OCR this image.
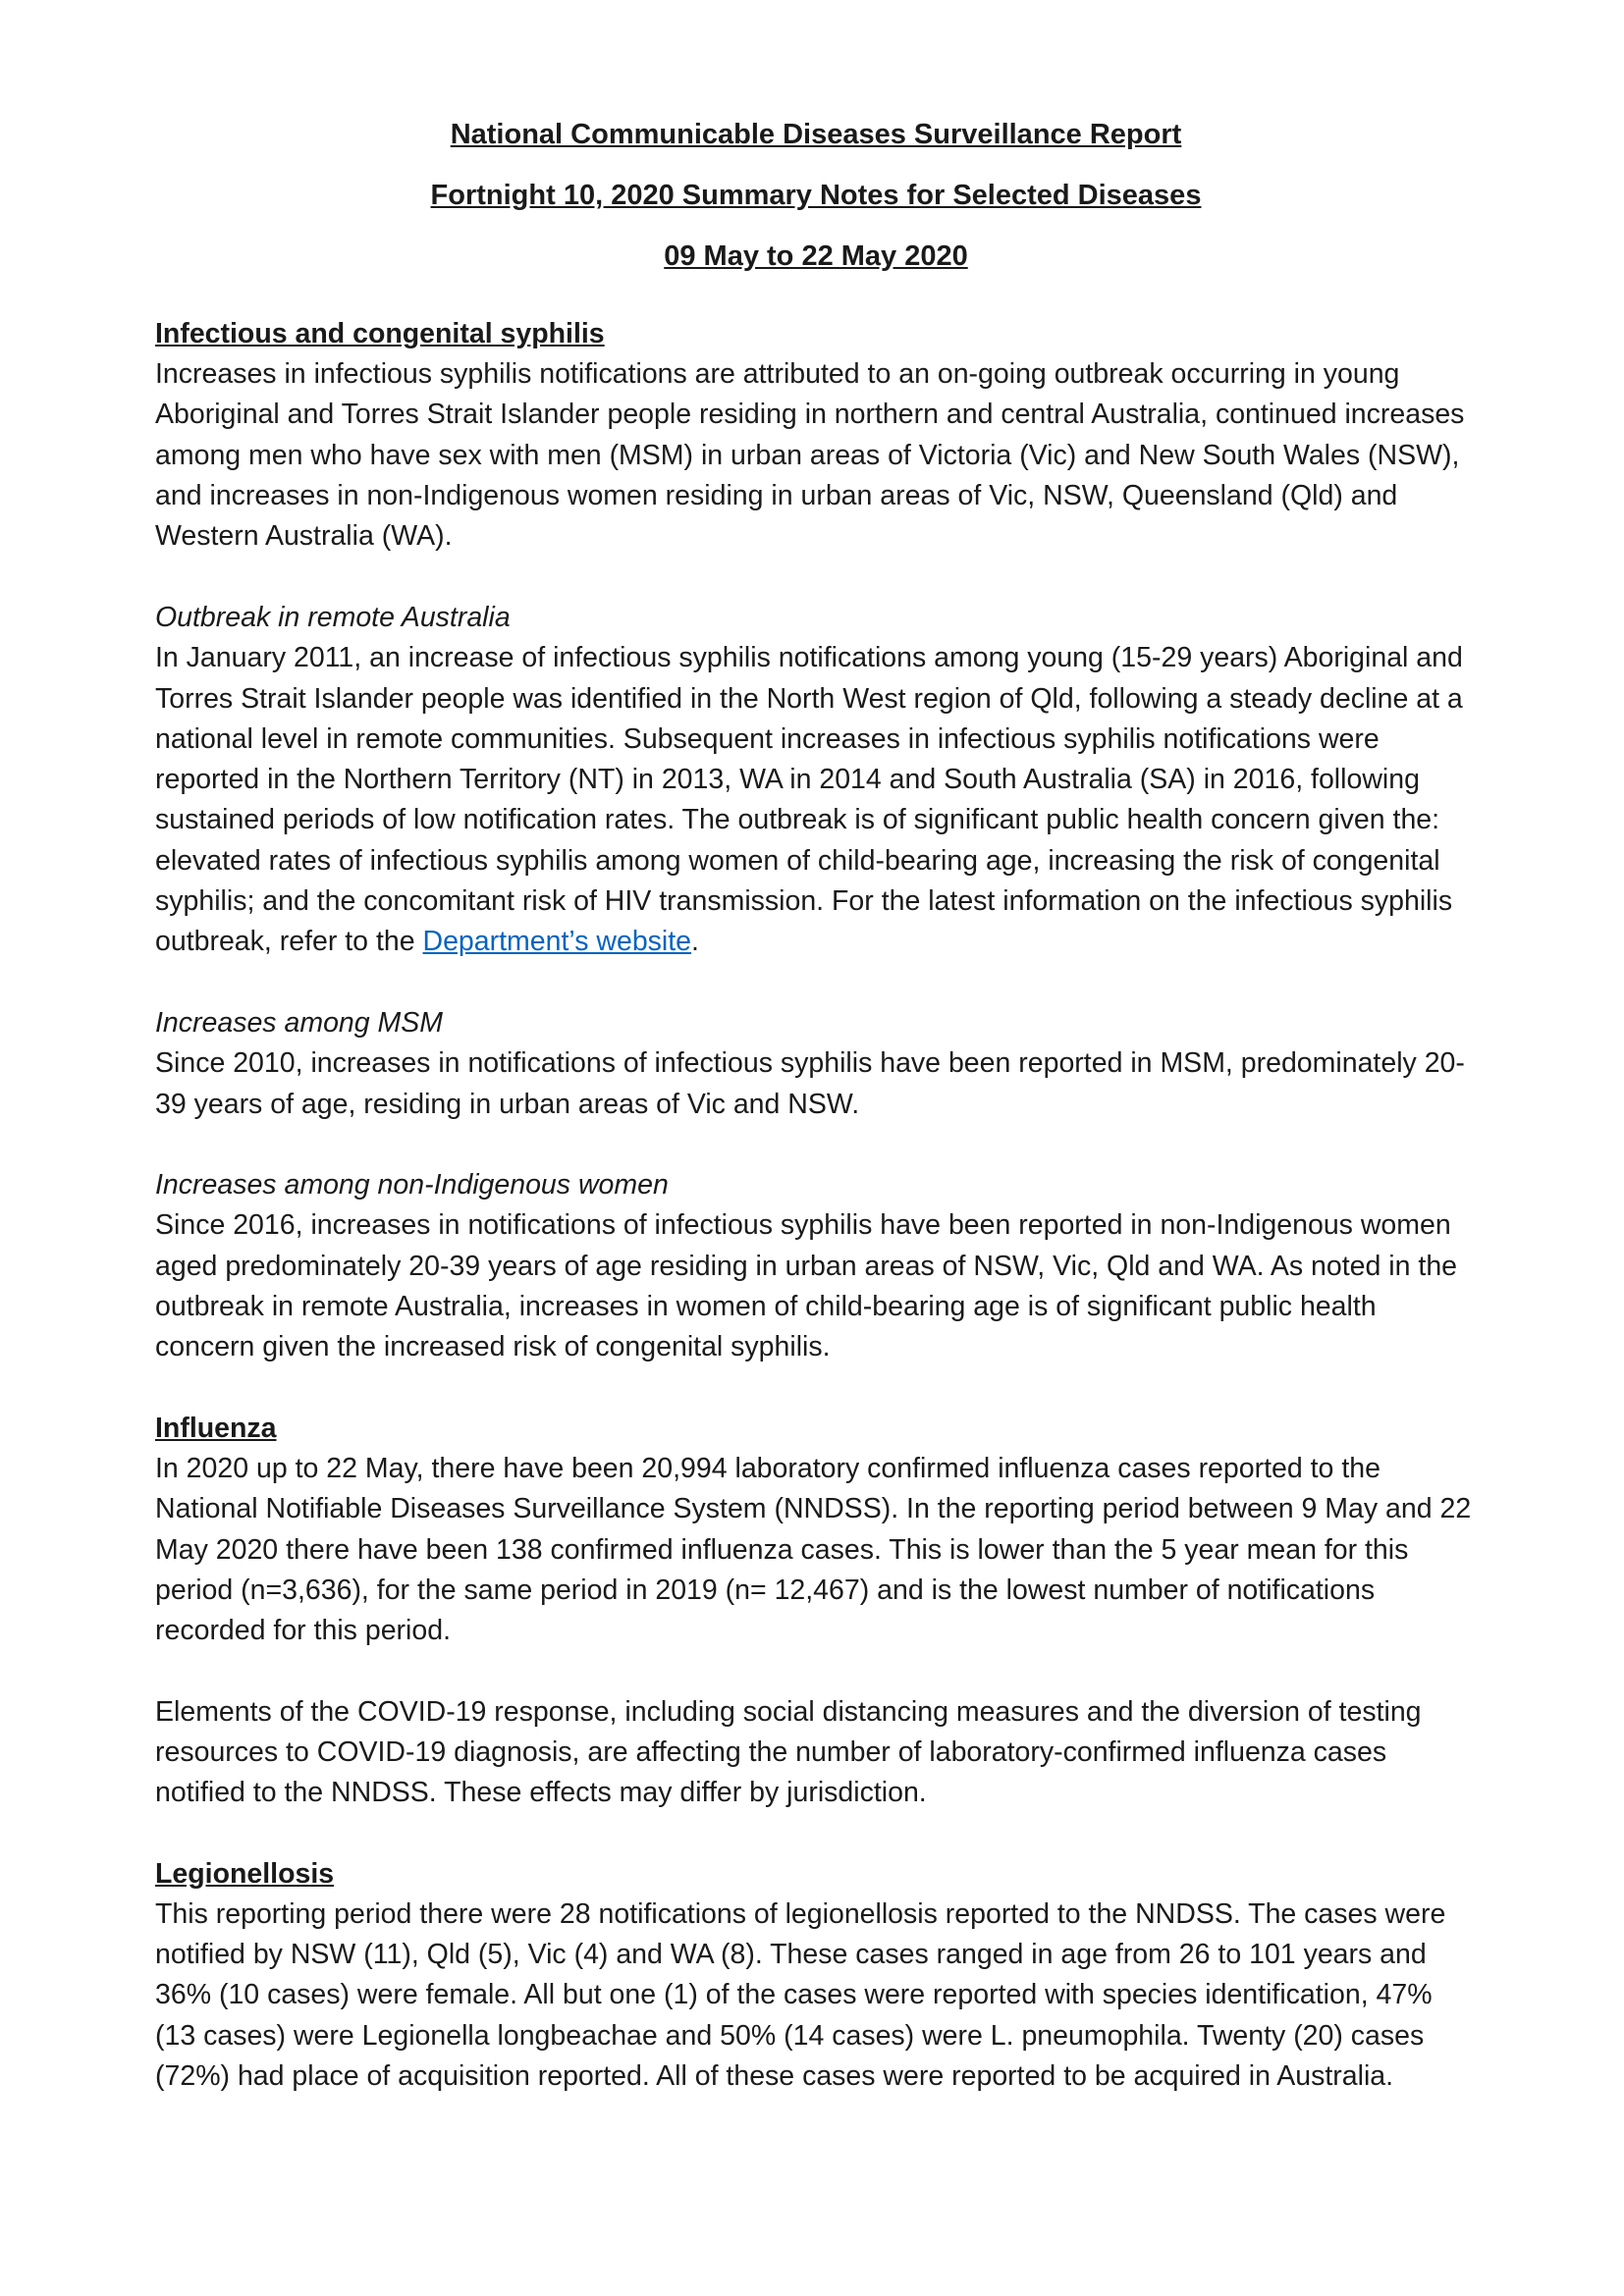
National Communicable Diseases Surveillance Report

Fortnight 10, 2020 Summary Notes for Selected Diseases

09 May to 22 May 2020

Infectious and congenital syphilis

Increases in infectious syphilis notifications are attributed to an on-going outbreak occurring in young Aboriginal and Torres Strait Islander people residing in northern and central Australia, continued increases among men who have sex with men (MSM) in urban areas of Victoria (Vic) and New South Wales (NSW), and increases in non-Indigenous women residing in urban areas of Vic, NSW, Queensland (Qld) and Western Australia (WA).

Outbreak in remote Australia

In January 2011, an increase of infectious syphilis notifications among young (15-29 years) Aboriginal and Torres Strait Islander people was identified in the North West region of Qld, following a steady decline at a national level in remote communities. Subsequent increases in infectious syphilis notifications were reported in the Northern Territory (NT) in 2013, WA in 2014 and South Australia (SA) in 2016, following sustained periods of low notification rates. The outbreak is of significant public health concern given the: elevated rates of infectious syphilis among women of child-bearing age, increasing the risk of congenital syphilis; and the concomitant risk of HIV transmission. For the latest information on the infectious syphilis outbreak, refer to the Department’s website.

Increases among MSM

Since 2010, increases in notifications of infectious syphilis have been reported in MSM, predominately 20-39 years of age, residing in urban areas of Vic and NSW.

Increases among non-Indigenous women

Since 2016, increases in notifications of infectious syphilis have been reported in non-Indigenous women aged predominately 20-39 years of age residing in urban areas of NSW, Vic, Qld and WA. As noted in the outbreak in remote Australia, increases in women of child-bearing age is of significant public health concern given the increased risk of congenital syphilis.

Influenza

In 2020 up to 22 May, there have been 20,994 laboratory confirmed influenza cases reported to the National Notifiable Diseases Surveillance System (NNDSS). In the reporting period between 9 May and 22 May 2020 there have been 138 confirmed influenza cases. This is lower than the 5 year mean for this period (n=3,636), for the same period in 2019 (n= 12,467) and is the lowest number of notifications recorded for this period.

Elements of the COVID-19 response, including social distancing measures and the diversion of testing resources to COVID-19 diagnosis, are affecting the number of laboratory-confirmed influenza cases notified to the NNDSS. These effects may differ by jurisdiction.

Legionellosis

This reporting period there were 28 notifications of legionellosis reported to the NNDSS. The cases were notified by NSW (11), Qld (5), Vic (4) and WA (8). These cases ranged in age from 26 to 101 years and 36% (10 cases) were female. All but one (1) of the cases were reported with species identification, 47% (13 cases) were Legionella longbeachae and 50% (14 cases) were L. pneumophila. Twenty (20) cases (72%) had place of acquisition reported. All of these cases were reported to be acquired in Australia.
